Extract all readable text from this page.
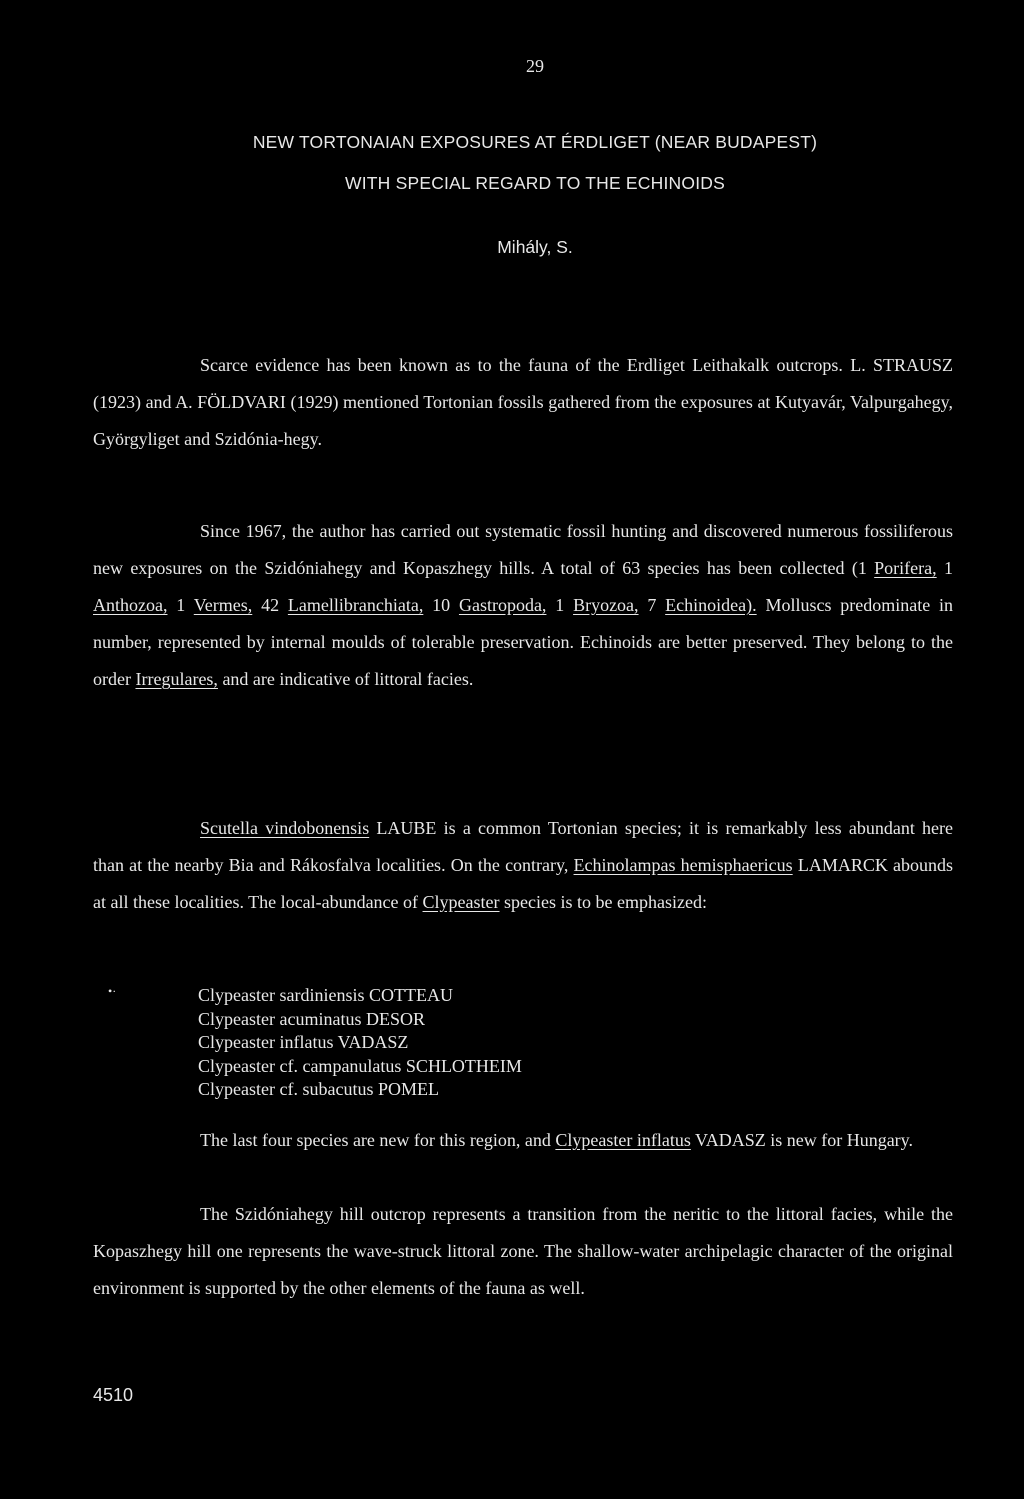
29
NEW TORTONAIAN EXPOSURES AT ÉRDLIGET (NEAR BUDAPEST)
WITH SPECIAL REGARD TO THE ECHINOIDS
Mihály, S.

Scarce evidence has been known as to the fauna of the Erdliget Leithakalk outcrops. L. STRAUSZ (1923) and A. FÖLDVARI (1929) mentioned Tortonian fossils gathered from the exposures at Kutyavár, Valpurgahegy, Györgyliget and Szidónia-hegy.

Since 1967, the author has carried out systematic fossil hunting and discovered numerous fossiliferous new exposures on the Szidóniahegy and Kopaszhegy hills. A total of 63 species has been collected (1 Porifera, 1 Anthozoa, 1 Vermes, 42 Lamellibranchiata, 10 Gastropoda, 1 Bryozoa, 7 Echinoidea). Molluscs predominate in number, represented by internal moulds of tolerable preservation. Echinoids are better preserved. They belong to the order Irregulares, and are indicative of littoral facies.

Scutella vindobonensis LAUBE is a common Tortonian species; it is remarkably less abundant here than at the nearby Bia and Rákosfalva localities. On the contrary, Echinolampas hemisphaericus LAMARCK abounds at all these localities. The local-abundance of Clypeaster species is to be emphasized:

•·	Clypeaster sardiniensis COTTEAU
Clypeaster acuminatus DESOR
Clypeaster inflatus VADASZ
Clypeaster cf. campanulatus SCHLOTHEIM
Clypeaster cf. subacutus POMEL
The last four species are new for this region, and Clypeaster inflatus VADASZ is new for Hungary.

The Szidóniahegy hill outcrop represents a transition from the neritic to the littoral facies, while the Kopaszhegy hill one represents the wave-struck littoral zone. The shallow-water archipelagic character of the original environment is supported by the other elements of the fauna as well.

4510
